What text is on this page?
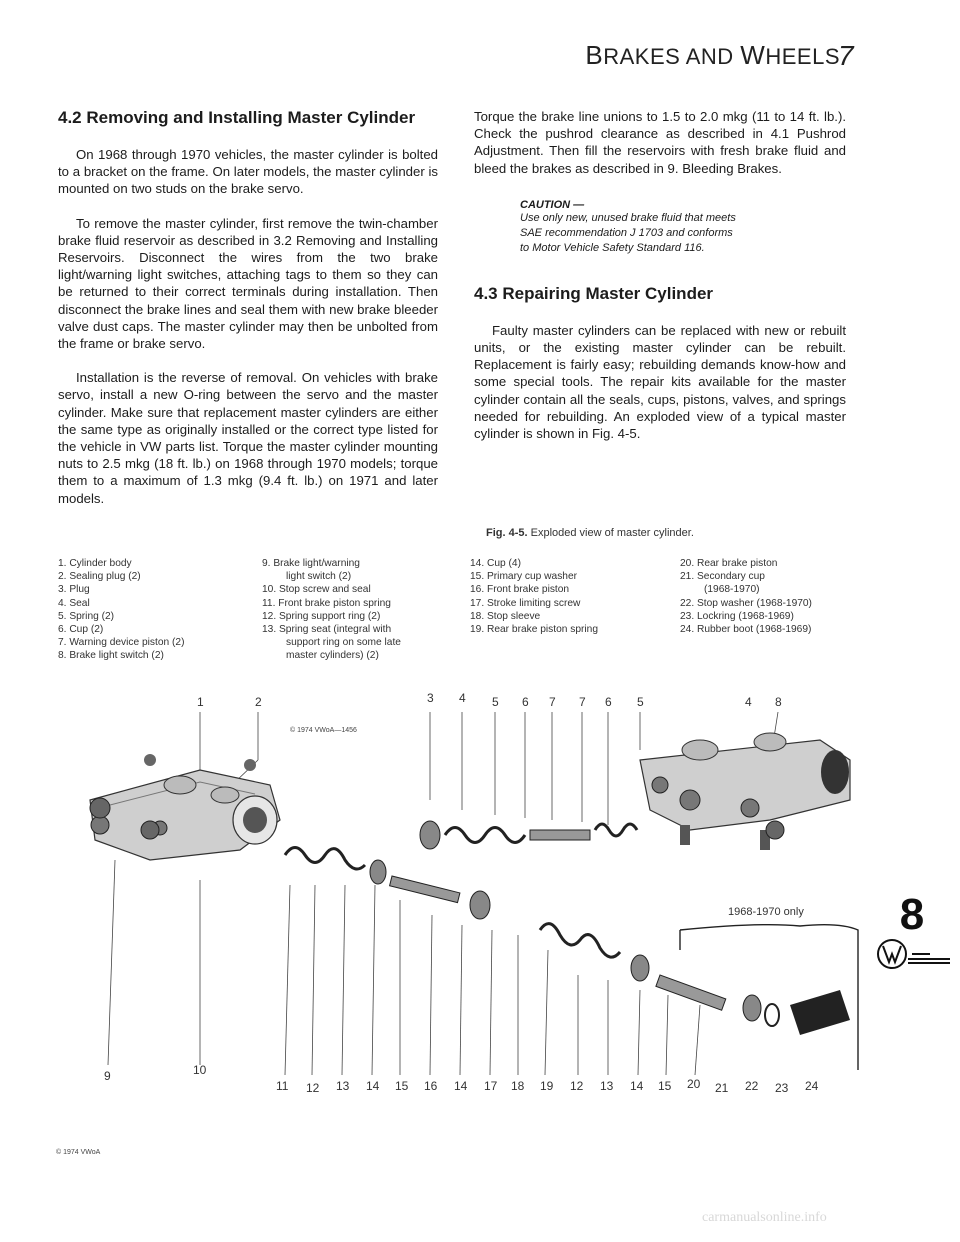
BRAKES AND WHEELS
7
4.2 Removing and Installing Master Cylinder

On 1968 through 1970 vehicles, the master cylinder is bolted to a bracket on the frame. On later models, the master cylinder is mounted on two studs on the brake servo.

To remove the master cylinder, first remove the twin-chamber brake fluid reservoir as described in 3.2 Removing and Installing Reservoirs. Disconnect the wires from the two brake light/warning light switches, attaching tags to them so they can be returned to their correct terminals during installation. Then disconnect the brake lines and seal them with new brake bleeder valve dust caps. The master cylinder may then be unbolted from the frame or brake servo.

Installation is the reverse of removal. On vehicles with brake servo, install a new O-ring between the servo and the master cylinder. Make sure that replacement master cylinders are either the same type as originally installed or the correct type listed for the vehicle in VW parts list. Torque the master cylinder mounting nuts to 2.5 mkg (18 ft. lb.) on 1968 through 1970 models; torque them to a maximum of 1.3 mkg (9.4 ft. lb.) on 1971 and later models.

Torque the brake line unions to 1.5 to 2.0 mkg (11 to 14 ft. lb.). Check the pushrod clearance as described in 4.1 Pushrod Adjustment. Then fill the reservoirs with fresh brake fluid and bleed the brakes as described in 9. Bleeding Brakes.

CAUTION —
Use only new, unused brake fluid that meets
SAE recommendation J 1703 and conforms
to Motor Vehicle Safety Standard 116.
4.3 Repairing Master Cylinder

Faulty master cylinders can be replaced with new or rebuilt units, or the existing master cylinder can be rebuilt. Replacement is fairly easy; rebuilding demands know-how and some special tools. The repair kits available for the master cylinder contain all the seals, cups, pistons, valves, and springs needed for rebuilding. An exploded view of a typical master cylinder is shown in Fig. 4-5.

Fig. 4-5. Exploded view of master cylinder.
1. Cylinder body
2. Sealing plug (2)
3. Plug
4. Seal
5. Spring (2)
6. Cup (2)
7. Warning device piston (2)
8. Brake light switch (2)
9. Brake light/warning
light switch (2)
10. Stop screw and seal
11. Front brake piston spring
12. Spring support ring (2)
13. Spring seat (integral with
support ring on some late
master cylinders) (2)
14. Cup (4)
15. Primary cup washer
16. Front brake piston
17. Stroke limiting screw
18. Stop sleeve
19. Rear brake piston spring
20. Rear brake piston
21. Secondary cup
(1968-1970)
22. Stop washer (1968-1970)
23. Lockring (1968-1969)
24. Rubber boot (1968-1969)
1	2	3 4 5 6 7 7 6 5	4 8
© 1974 VWoA—1456
1968-1970 only
9	10
11 12 13 14 15 16 14 17 18 19 12 13 14 15 20 21 22 23 24
© 1974 VWoA
8
carmanualsonline.info
